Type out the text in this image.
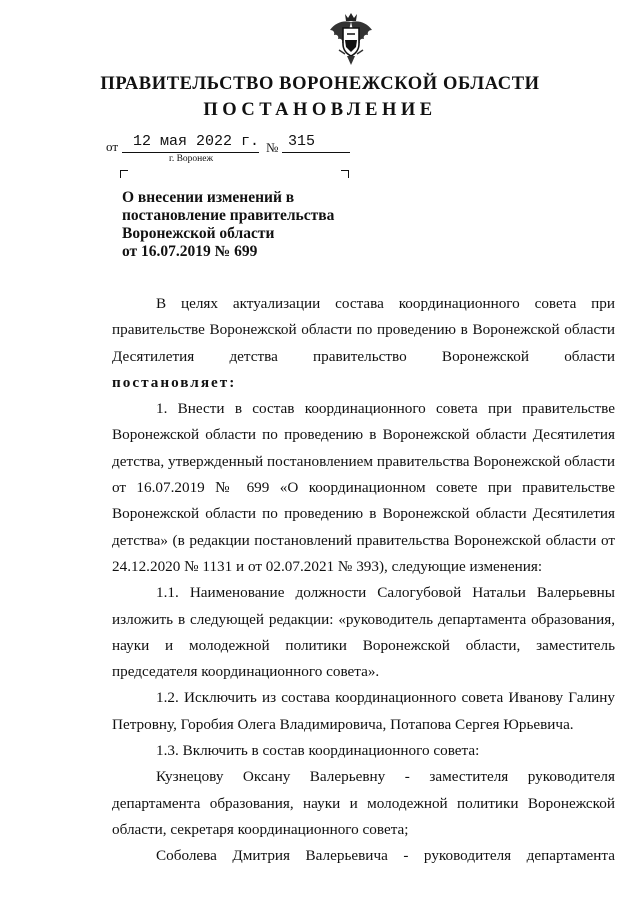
ПРАВИТЕЛЬСТВО ВОРОНЕЖСКОЙ ОБЛАСТИ
ПОСТАНОВЛЕНИЕ
от 12 мая 2022 г. № 315
г. Воронеж
О внесении изменений в
постановление правительства
Воронежской области
от 16.07.2019 № 699

В целях актуализации состава координационного совета при правительстве Воронежской области по проведению в Воронежской области Десятилетия детства правительство Воронежской области постановляет:

1. Внести в состав координационного совета при правительстве Воронежской области по проведению в Воронежской области Десятилетия детства, утвержденный постановлением правительства Воронежской области от 16.07.2019 № 699 «О координационном совете при правительстве Воронежской области по проведению в Воронежской области Десятилетия детства» (в редакции постановлений правительства Воронежской области от 24.12.2020 № 1131 и от 02.07.2021 № 393), следующие изменения:

1.1. Наименование должности Салогубовой Натальи Валерьевны изложить в следующей редакции: «руководитель департамента образования, науки и молодежной политики Воронежской области, заместитель председателя координационного совета».

1.2. Исключить из состава координационного совета Иванову Галину Петровну, Горобия Олега Владимировича, Потапова Сергея Юрьевича.

1.3. Включить в состав координационного совета:

Кузнецову Оксану Валерьевну - заместителя руководителя департамента образования, науки и молодежной политики Воронежской области, секретаря координационного совета;

Соболева Дмитрия Валерьевича - руководителя департамента
